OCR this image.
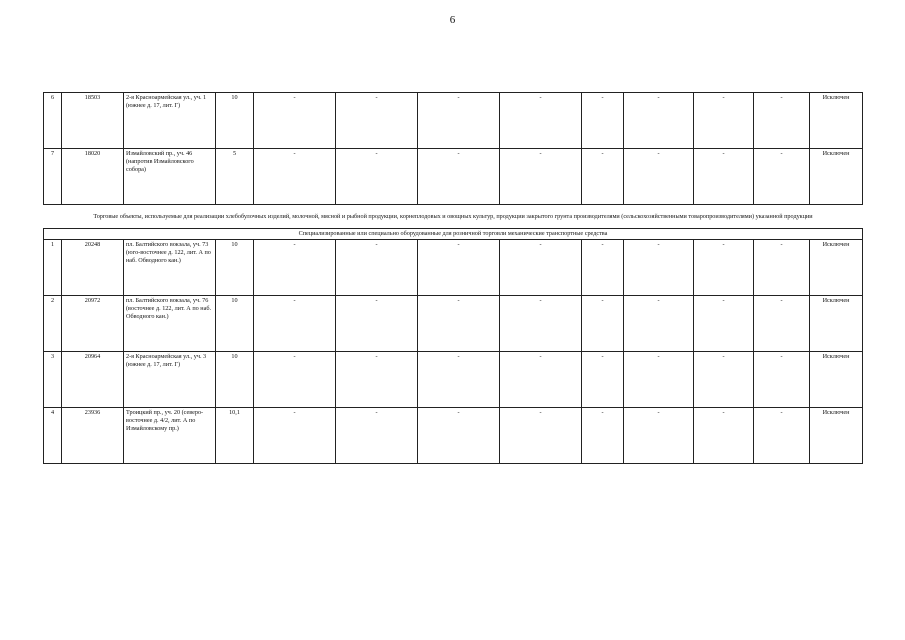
6
6	18503	2-я Красноармейская ул., уч. 1 (южнее д. 17, лит. Г)	10	-	-	-	-	-	-	-	-	Исключен
7	18020	Измайловский пр., уч. 46 (напротив Измайловского собора)	5	-	-	-	-	-	-	-	-	Исключен
Торговые объекты, используемые для реализации хлебобулочных изделий, молочной, мясной и рыбной продукции, корнеплодовых и овощных культур, продукции закрытого грунта производителями (сельскохозяйственными товаропроизводителями) указанной продукции												
Специализированные или специально оборудованные для розничной торговли механические транспортные средства												
1	20248	пл. Балтийского вокзала, уч. 73 (юго-восточнее д. 122, лит. А по наб. Обводного кан.)	10	-	-	-	-	-	-	-	-	Исключен
2	20972	пл. Балтийского вокзала, уч. 76 (восточнее д. 122, лит. А по наб. Обводного кан.)	10	-	-	-	-	-	-	-	-	Исключен
3	20964	2-я Красноармейская ул., уч. 3 (южнее д. 17, лит. Г)	10	-	-	-	-	-	-	-	-	Исключен
4	23936	Троицкий пр., уч. 20 (северо-восточнее д. 4/2, лит. А по Измайловскому пр.)	10,1	-	-	-	-	-	-	-	-	Исключен
